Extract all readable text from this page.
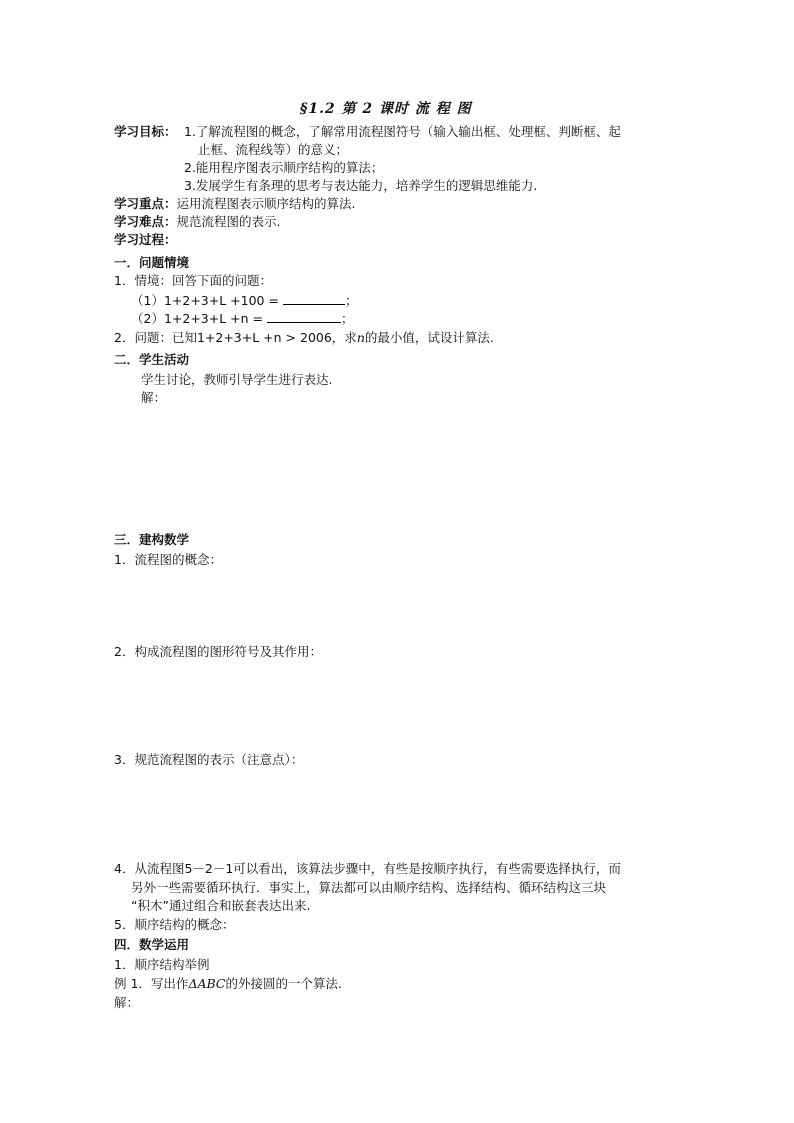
§1.2 第 2 课时 流 程 图
学习目标： 1.了解流程图的概念，了解常用流程图符号（输入输出框、处理框、判断框、起
止框、流程线等）的意义；
2.能用程序图表示顺序结构的算法；
3.发展学生有条理的思考与表达能力，培养学生的逻辑思维能力.
学习重点：运用流程图表示顺序结构的算法.
学习难点：规范流程图的表示.
学习过程：
一．问题情境
1．情境：回答下面的问题：
（1）1+2+3+L +100 =	；
（2）1+2+3+L +n =	；
2．问题：已知1+2+3+L +n > 2006，求n的最小值，试设计算法.
二．学生活动
学生讨论，教师引导学生进行表达.
解：
三．建构数学
1．流程图的概念：
2．构成流程图的图形符号及其作用：
3．规范流程图的表示（注意点）：
4．从流程图5－2－1可以看出，该算法步骤中，有些是按顺序执行，有些需要选择执行，而
另外一些需要循环执行．事实上，算法都可以由顺序结构、选择结构、循环结构这三块
“积木”通过组合和嵌套表达出来.
5．顺序结构的概念：
四．数学运用
1．顺序结构举例
例 1．写出作ΔABC的外接圆的一个算法.
解：
